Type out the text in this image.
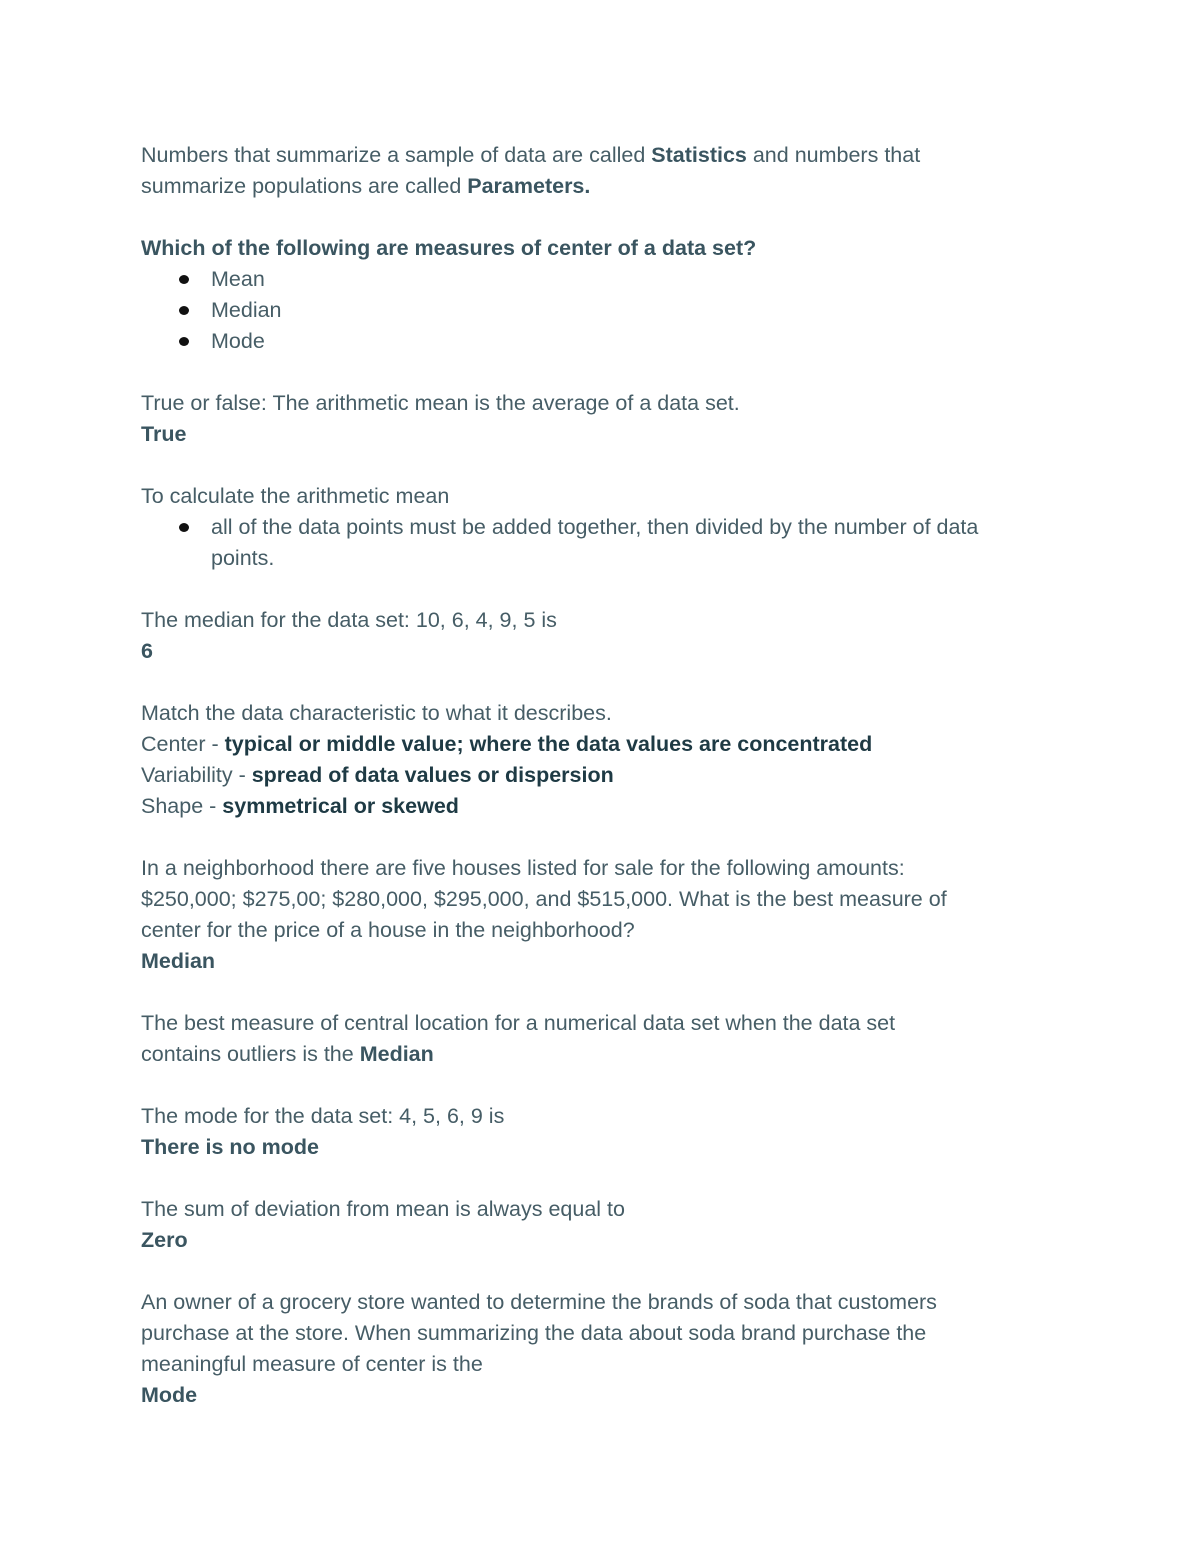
Numbers that summarize a sample of data are called Statistics and numbers that
summarize populations are called Parameters.
Which of the following are measures of center of a data set?
Mean
Median
Mode
True or false: The arithmetic mean is the average of a data set.
True
To calculate the arithmetic mean
all of the data points must be added together, then divided by the number of data
points.
The median for the data set: 10, 6, 4, 9, 5 is
6
Match the data characteristic to what it describes.
Center - typical or middle value; where the data values are concentrated
Variability - spread of data values or dispersion
Shape - symmetrical or skewed
In a neighborhood there are five houses listed for sale for the following amounts:
$250,000; $275,00; $280,000, $295,000, and $515,000. What is the best measure of
center for the price of a house in the neighborhood?
Median
The best measure of central location for a numerical data set when the data set
contains outliers is the Median
The mode for the data set: 4, 5, 6, 9 is
There is no mode
The sum of deviation from mean is always equal to
Zero
An owner of a grocery store wanted to determine the brands of soda that customers
purchase at the store. When summarizing the data about soda brand purchase the
meaningful measure of center is the
Mode
